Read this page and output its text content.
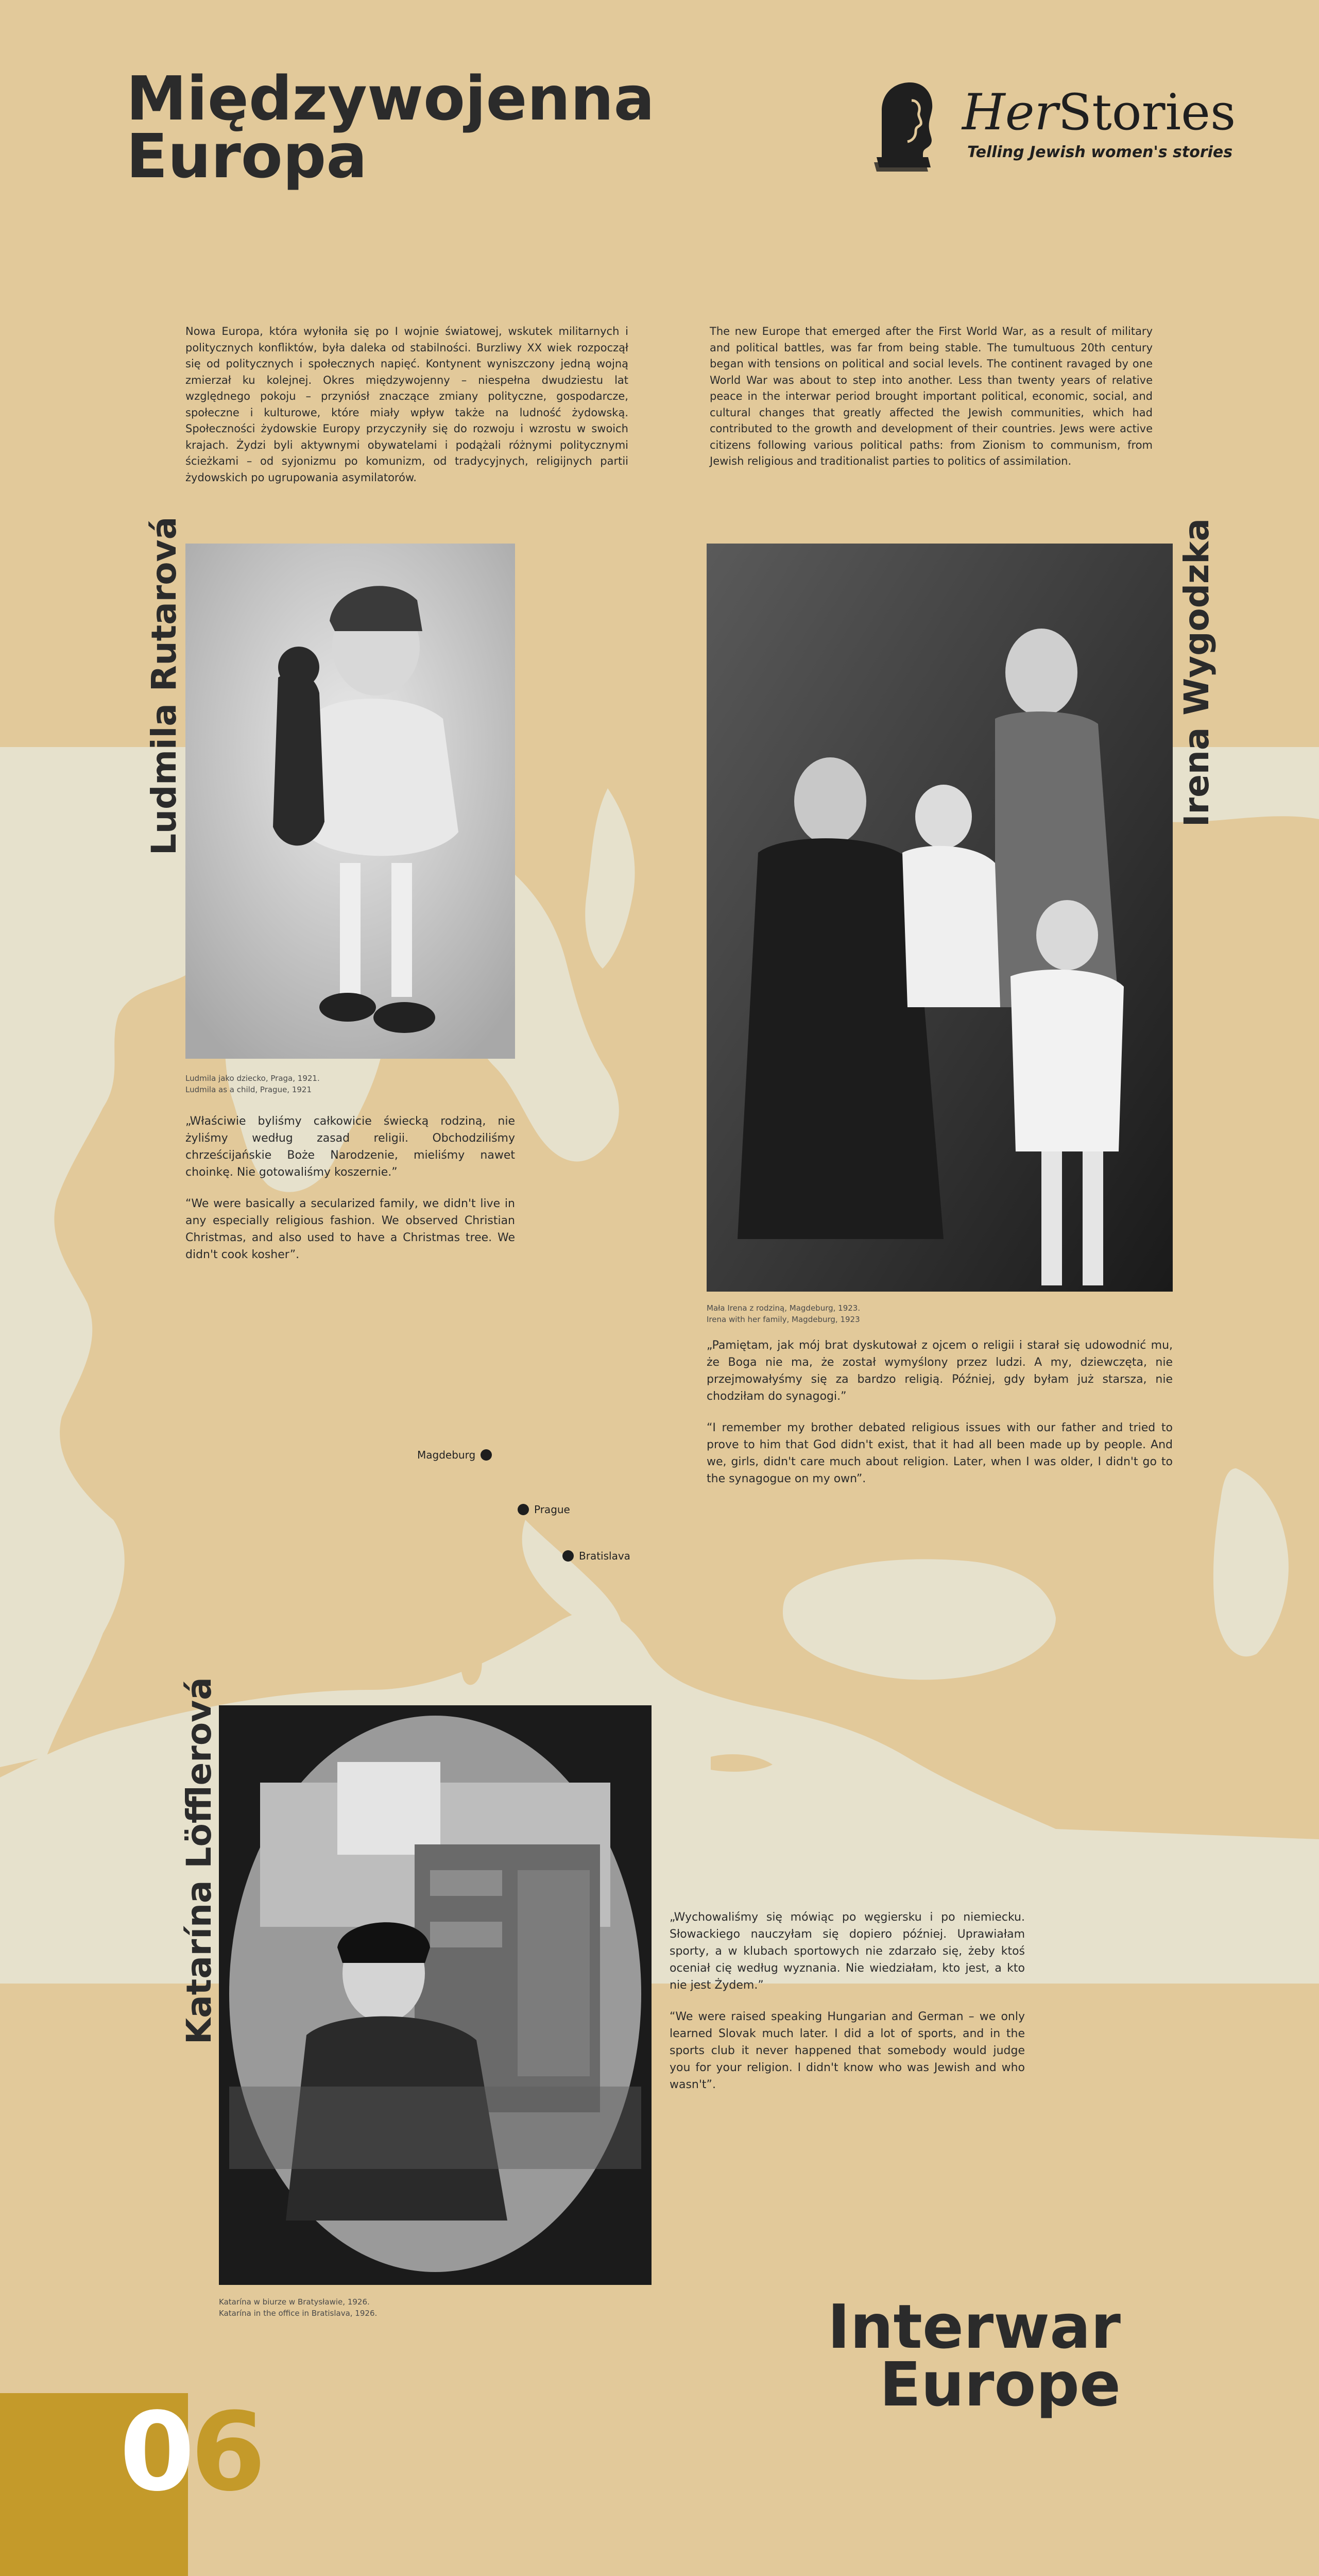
Międzywojenna
Europa
HerStories
Telling Jewish women's stories
Nowa Europa, która wyłoniła się po I wojnie światowej, wskutek militarnych i politycznych konfliktów, była daleka od stabilności. Burzliwy XX wiek rozpoczął się od politycznych i społecznych napięć. Kontynent wyniszczony jedną wojną zmierzał ku kolejnej. Okres międzywojenny – niespełna dwudziestu lat względnego pokoju – przyniósł znaczące zmiany polityczne, gospodarcze, społeczne i kulturowe, które miały wpływ także na ludność żydowską. Społeczności żydowskie Europy przyczyniły się do rozwoju i wzrostu w swoich krajach. Żydzi byli aktywnymi obywatelami i podążali różnymi politycznymi ścieżkami – od syjonizmu po komunizm, od tradycyjnych, religijnych partii żydowskich po ugrupowania asymilatorów.
The new Europe that emerged after the First World War, as a result of military and political battles, was far from being stable. The tumultuous 20th century began with tensions on political and social levels. The continent ravaged by one World War was about to step into another. Less than twenty years of relative peace in the interwar period brought important political, economic, social, and cultural changes that greatly affected the Jewish communities, which had contributed to the growth and development of their countries. Jews were active citizens following various political paths: from Zionism to communism, from Jewish religious and traditionalist parties to politics of assimilation.
Ludmila Rutarová
Ludmila jako dziecko, Praga, 1921.
Ludmila as a child, Prague, 1921

„Właściwie byliśmy całkowicie świecką rodziną, nie żyliśmy według zasad religii. Obchodziliśmy chrześcijańskie Boże Narodzenie, mieliśmy nawet choinkę. Nie gotowaliśmy koszernie.”

“We were basically a secularized family, we didn't live in any especially religious fashion. We observed Christian Christmas, and also used to have a Christmas tree. We didn't cook kosher”.

Irena Wygodzka
Mała Irena z rodziną, Magdeburg, 1923.
Irena with her family, Magdeburg, 1923

„Pamiętam, jak mój brat dyskutował z ojcem o religii i starał się udowodnić mu, że Boga nie ma, że został wymyślony przez ludzi. A my, dziewczęta, nie przejmowałyśmy się za bardzo religią. Później, gdy byłam już starsza, nie chodziłam do synagogi.”

“I remember my brother debated religious issues with our father and tried to prove to him that God didn't exist, that it had all been made up by people. And we, girls, didn't care much about religion. Later, when I was older, I didn't go to the synagogue on my own”.

Magdeburg
Prague
Bratislava
Katarína Löfflerová
Katarína w biurze w Bratysławie, 1926.
Katarína in the office in Bratislava, 1926.

„Wychowaliśmy się mówiąc po węgiersku i po niemiecku. Słowackiego nauczyłam się dopiero później. Uprawiałam sporty, a w klubach sportowych nie zdarzało się, żeby ktoś oceniał cię według wyznania. Nie wiedziałam, kto jest, a kto nie jest Żydem.”

“We were raised speaking Hungarian and German – we only learned Slovak much later. I did a lot of sports, and in the sports club it never happened that somebody would judge you for your religion. I didn't know who was Jewish and who wasn't”.

Interwar
Europe
0
6
